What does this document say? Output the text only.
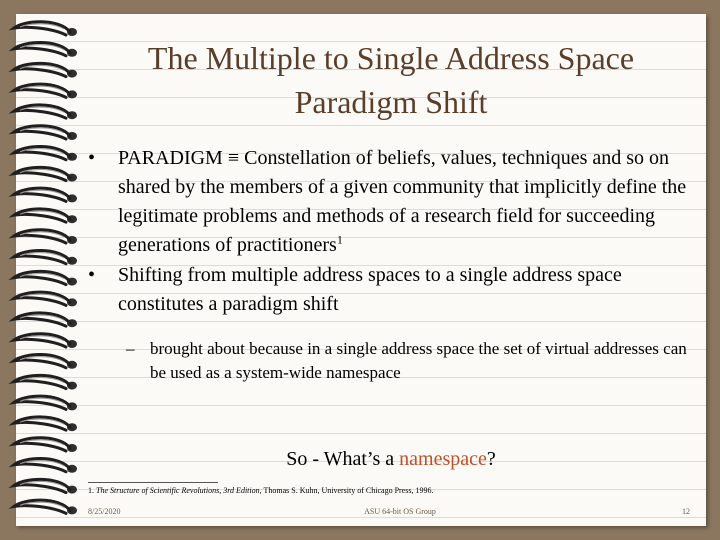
The Multiple to Single Address Space
Paradigm Shift
• PARADIGM ≡ Constellation of beliefs, values, techniques and so on shared by the members of a given community that implicitly define the legitimate problems and methods of a research field for succeeding generations of practitioners$^1$
• Shifting from multiple address spaces to a single address space constitutes a paradigm shift
– brought about because in a single address space the set of virtual addresses can be used as a system-wide namespace
So - What’s a namespace?
1. The Structure of Scientific Revolutions, 3rd Edition, Thomas S. Kuhn, University of Chicago Press, 1996.
8/25/2020	ASU 64-bit OS Group	12
